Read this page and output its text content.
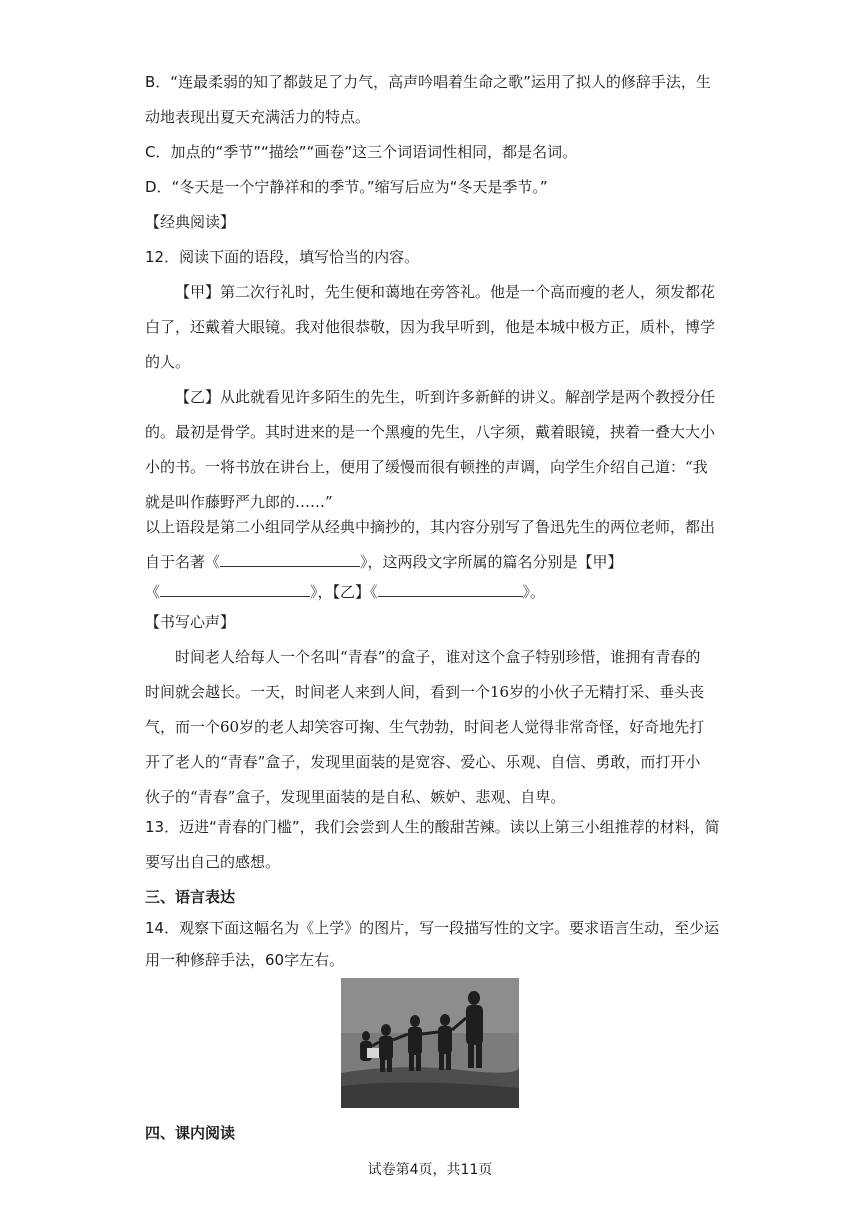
B．“连最柔弱的知了都鼓足了力气，高声吟唱着生命之歌”运用了拟人的修辞手法，生
动地表现出夏天充满活力的特点。
C．加点的“季节”“描绘”“画卷”这三个词语词性相同，都是名词。
D．“冬天是一个宁静祥和的季节。”缩写后应为“冬天是季节。”
【经典阅读】
12．阅读下面的语段，填写恰当的内容。
【甲】第二次行礼时，先生便和蔼地在旁答礼。他是一个高而瘦的老人，须发都花
白了，还戴着大眼镜。我对他很恭敬，因为我早听到，他是本城中极方正，质朴，博学
的人。
【乙】从此就看见许多陌生的先生，听到许多新鲜的讲义。解剖学是两个教授分任
的。最初是骨学。其时进来的是一个黑瘦的先生，八字须，戴着眼镜，挟着一叠大大小
小的书。一将书放在讲台上，便用了缓慢而很有顿挫的声调，向学生介绍自己道：“我
就是叫作藤野严九郎的……”
以上语段是第二小组同学从经典中摘抄的，其内容分别写了鲁迅先生的两位老师，都出
自于名著《	》，这两段文字所属的篇名分别是【甲】
《	》，【乙】《	》。
【书写心声】
时间老人给每人一个名叫“青春”的盒子，谁对这个盒子特别珍惜，谁拥有青春的
时间就会越长。一天，时间老人来到人间，看到一个16岁的小伙子无精打采、垂头丧
气，而一个60岁的老人却笑容可掬、生气勃勃，时间老人觉得非常奇怪，好奇地先打
开了老人的“青春”盒子，发现里面装的是宽容、爱心、乐观、自信、勇敢，而打开小
伙子的“青春”盒子，发现里面装的是自私、嫉妒、悲观、自卑。
13．迈进“青春的门槛”，我们会尝到人生的酸甜苦辣。读以上第三小组推荐的材料，简
要写出自己的感想。
三、语言表达
14．观察下面这幅名为《上学》的图片，写一段描写性的文字。要求语言生动，至少运
用一种修辞手法，60字左右。
四、课内阅读
试卷第4页，共11页
